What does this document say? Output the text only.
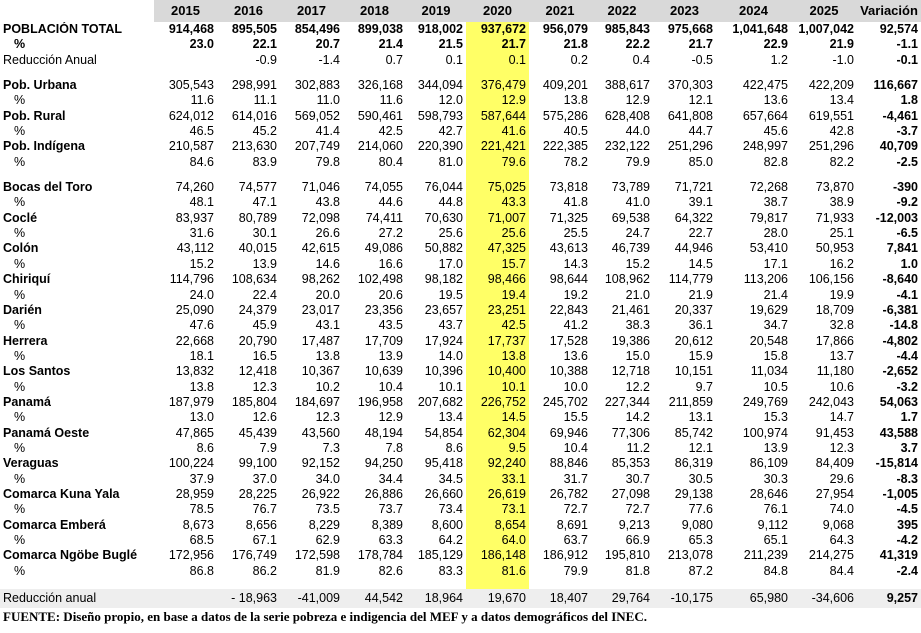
	2015	2016	2017	2018	2019	2020	2021	2022	2023	2024	2025	Variación
POBLACIÓN TOTAL	914,468	895,505	854,496	899,038	918,002	937,672	956,079	985,843	975,668	1,041,648	1,007,042	92,574
%	23.0	22.1	20.7	21.4	21.5	21.7	21.8	22.2	21.7	22.9	21.9	-1.1
Reducción Anual		-0.9	-1.4	0.7	0.1	0.1	0.2	0.4	-0.5	1.2	-1.0	-0.1

Pob. Urbana	305,543	298,991	302,883	326,168	344,094	376,479	409,201	388,617	370,303	422,475	422,209	116,667
%	11.6	11.1	11.0	11.6	12.0	12.9	13.8	12.9	12.1	13.6	13.4	1.8
Pob. Rural	624,012	614,016	569,052	590,461	598,793	587,644	575,286	628,408	641,808	657,664	619,551	-4,461
%	46.5	45.2	41.4	42.5	42.7	41.6	40.5	44.0	44.7	45.6	42.8	-3.7
Pob. Indígena	210,587	213,630	207,749	214,060	220,390	221,421	222,385	232,122	251,296	248,997	251,296	40,709
%	84.6	83.9	79.8	80.4	81.0	79.6	78.2	79.9	85.0	82.8	82.2	-2.5

Bocas del Toro	74,260	74,577	71,046	74,055	76,044	75,025	73,818	73,789	71,721	72,268	73,870	-390
%	48.1	47.1	43.8	44.6	44.8	43.3	41.8	41.0	39.1	38.7	38.9	-9.2
Coclé	83,937	80,789	72,098	74,411	70,630	71,007	71,325	69,538	64,322	79,817	71,933	-12,003
%	31.6	30.1	26.6	27.2	25.6	25.6	25.5	24.7	22.7	28.0	25.1	-6.5
Colón	43,112	40,015	42,615	49,086	50,882	47,325	43,613	46,739	44,946	53,410	50,953	7,841
%	15.2	13.9	14.6	16.6	17.0	15.7	14.3	15.2	14.5	17.1	16.2	1.0
Chiriquí	114,796	108,634	98,262	102,498	98,182	98,466	98,644	108,962	114,779	113,206	106,156	-8,640
%	24.0	22.4	20.0	20.6	19.5	19.4	19.2	21.0	21.9	21.4	19.9	-4.1
Darién	25,090	24,379	23,017	23,356	23,657	23,251	22,843	21,461	20,337	19,629	18,709	-6,381
%	47.6	45.9	43.1	43.5	43.7	42.5	41.2	38.3	36.1	34.7	32.8	-14.8
Herrera	22,668	20,790	17,487	17,709	17,924	17,737	17,528	19,386	20,612	20,548	17,866	-4,802
%	18.1	16.5	13.8	13.9	14.0	13.8	13.6	15.0	15.9	15.8	13.7	-4.4
Los Santos	13,832	12,418	10,367	10,639	10,396	10,400	10,388	12,718	10,151	11,034	11,180	-2,652
%	13.8	12.3	10.2	10.4	10.1	10.1	10.0	12.2	9.7	10.5	10.6	-3.2
Panamá	187,979	185,804	184,697	196,958	207,682	226,752	245,702	227,344	211,859	249,769	242,043	54,063
%	13.0	12.6	12.3	12.9	13.4	14.5	15.5	14.2	13.1	15.3	14.7	1.7
Panamá Oeste	47,865	45,439	43,560	48,194	54,854	62,304	69,946	77,306	85,742	100,974	91,453	43,588
%	8.6	7.9	7.3	7.8	8.6	9.5	10.4	11.2	12.1	13.9	12.3	3.7
Veraguas	100,224	99,100	92,152	94,250	95,418	92,240	88,846	85,353	86,319	86,109	84,409	-15,814
%	37.9	37.0	34.0	34.4	34.5	33.1	31.7	30.7	30.5	30.3	29.6	-8.3
Comarca Kuna Yala	28,959	28,225	26,922	26,886	26,660	26,619	26,782	27,098	29,138	28,646	27,954	-1,005
%	78.5	76.7	73.5	73.7	73.4	73.1	72.7	72.7	77.6	76.1	74.0	-4.5
Comarca Emberá	8,673	8,656	8,229	8,389	8,600	8,654	8,691	9,213	9,080	9,112	9,068	395
%	68.5	67.1	62.9	63.3	64.2	64.0	63.7	66.9	65.3	65.1	64.3	-4.2
Comarca Ngöbe Buglé	172,956	176,749	172,598	178,784	185,129	186,148	186,912	195,810	213,078	211,239	214,275	41,319
%	86.8	86.2	81.9	82.6	83.3	81.6	79.9	81.8	87.2	84.8	84.4	-2.4

Reducción anual		- 18,963	-41,009	44,542	18,964	19,670	18,407	29,764	-10,175	65,980	-34,606	9,257
FUENTE: Diseño propio, en base a datos de la serie pobreza e indigencia del MEF y a datos demográficos del INEC.
